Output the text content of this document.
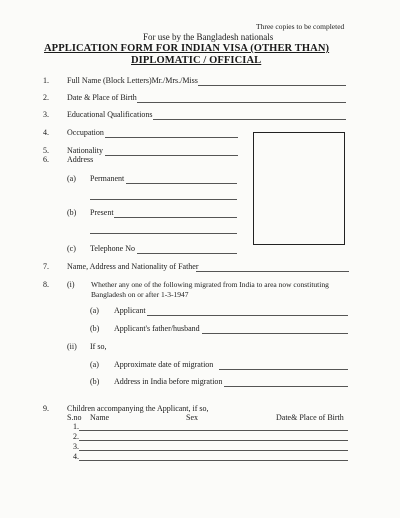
Three copies to be completed
For use by the Bangladesh nationals
APPLICATION FORM FOR INDIAN VISA (OTHER THAN)
DIPLOMATIC / OFFICIAL
1. Full Name (Block Letters)Mr./Mrs./Miss
2. Date & Place of Birth
3. Educational Qualifications
4. Occupation
5. Nationality
6. Address
(a) Permanent
(b) Present
(c) Telephone No
7. Name, Address and Nationality of Father
8. (i) Whether any one of the following migrated from India to area now constituting
Bangladesh on or after 1-3-1947
(a) Applicant
(b) Applicant's father/husband
(ii) If so,
(a) Approximate date of migration
(b) Address in India before migration
9. Children accompanying the Applicant, if so,
S.no Name	Sex	Date& Place of Birth
1.
2.
3.
4.
